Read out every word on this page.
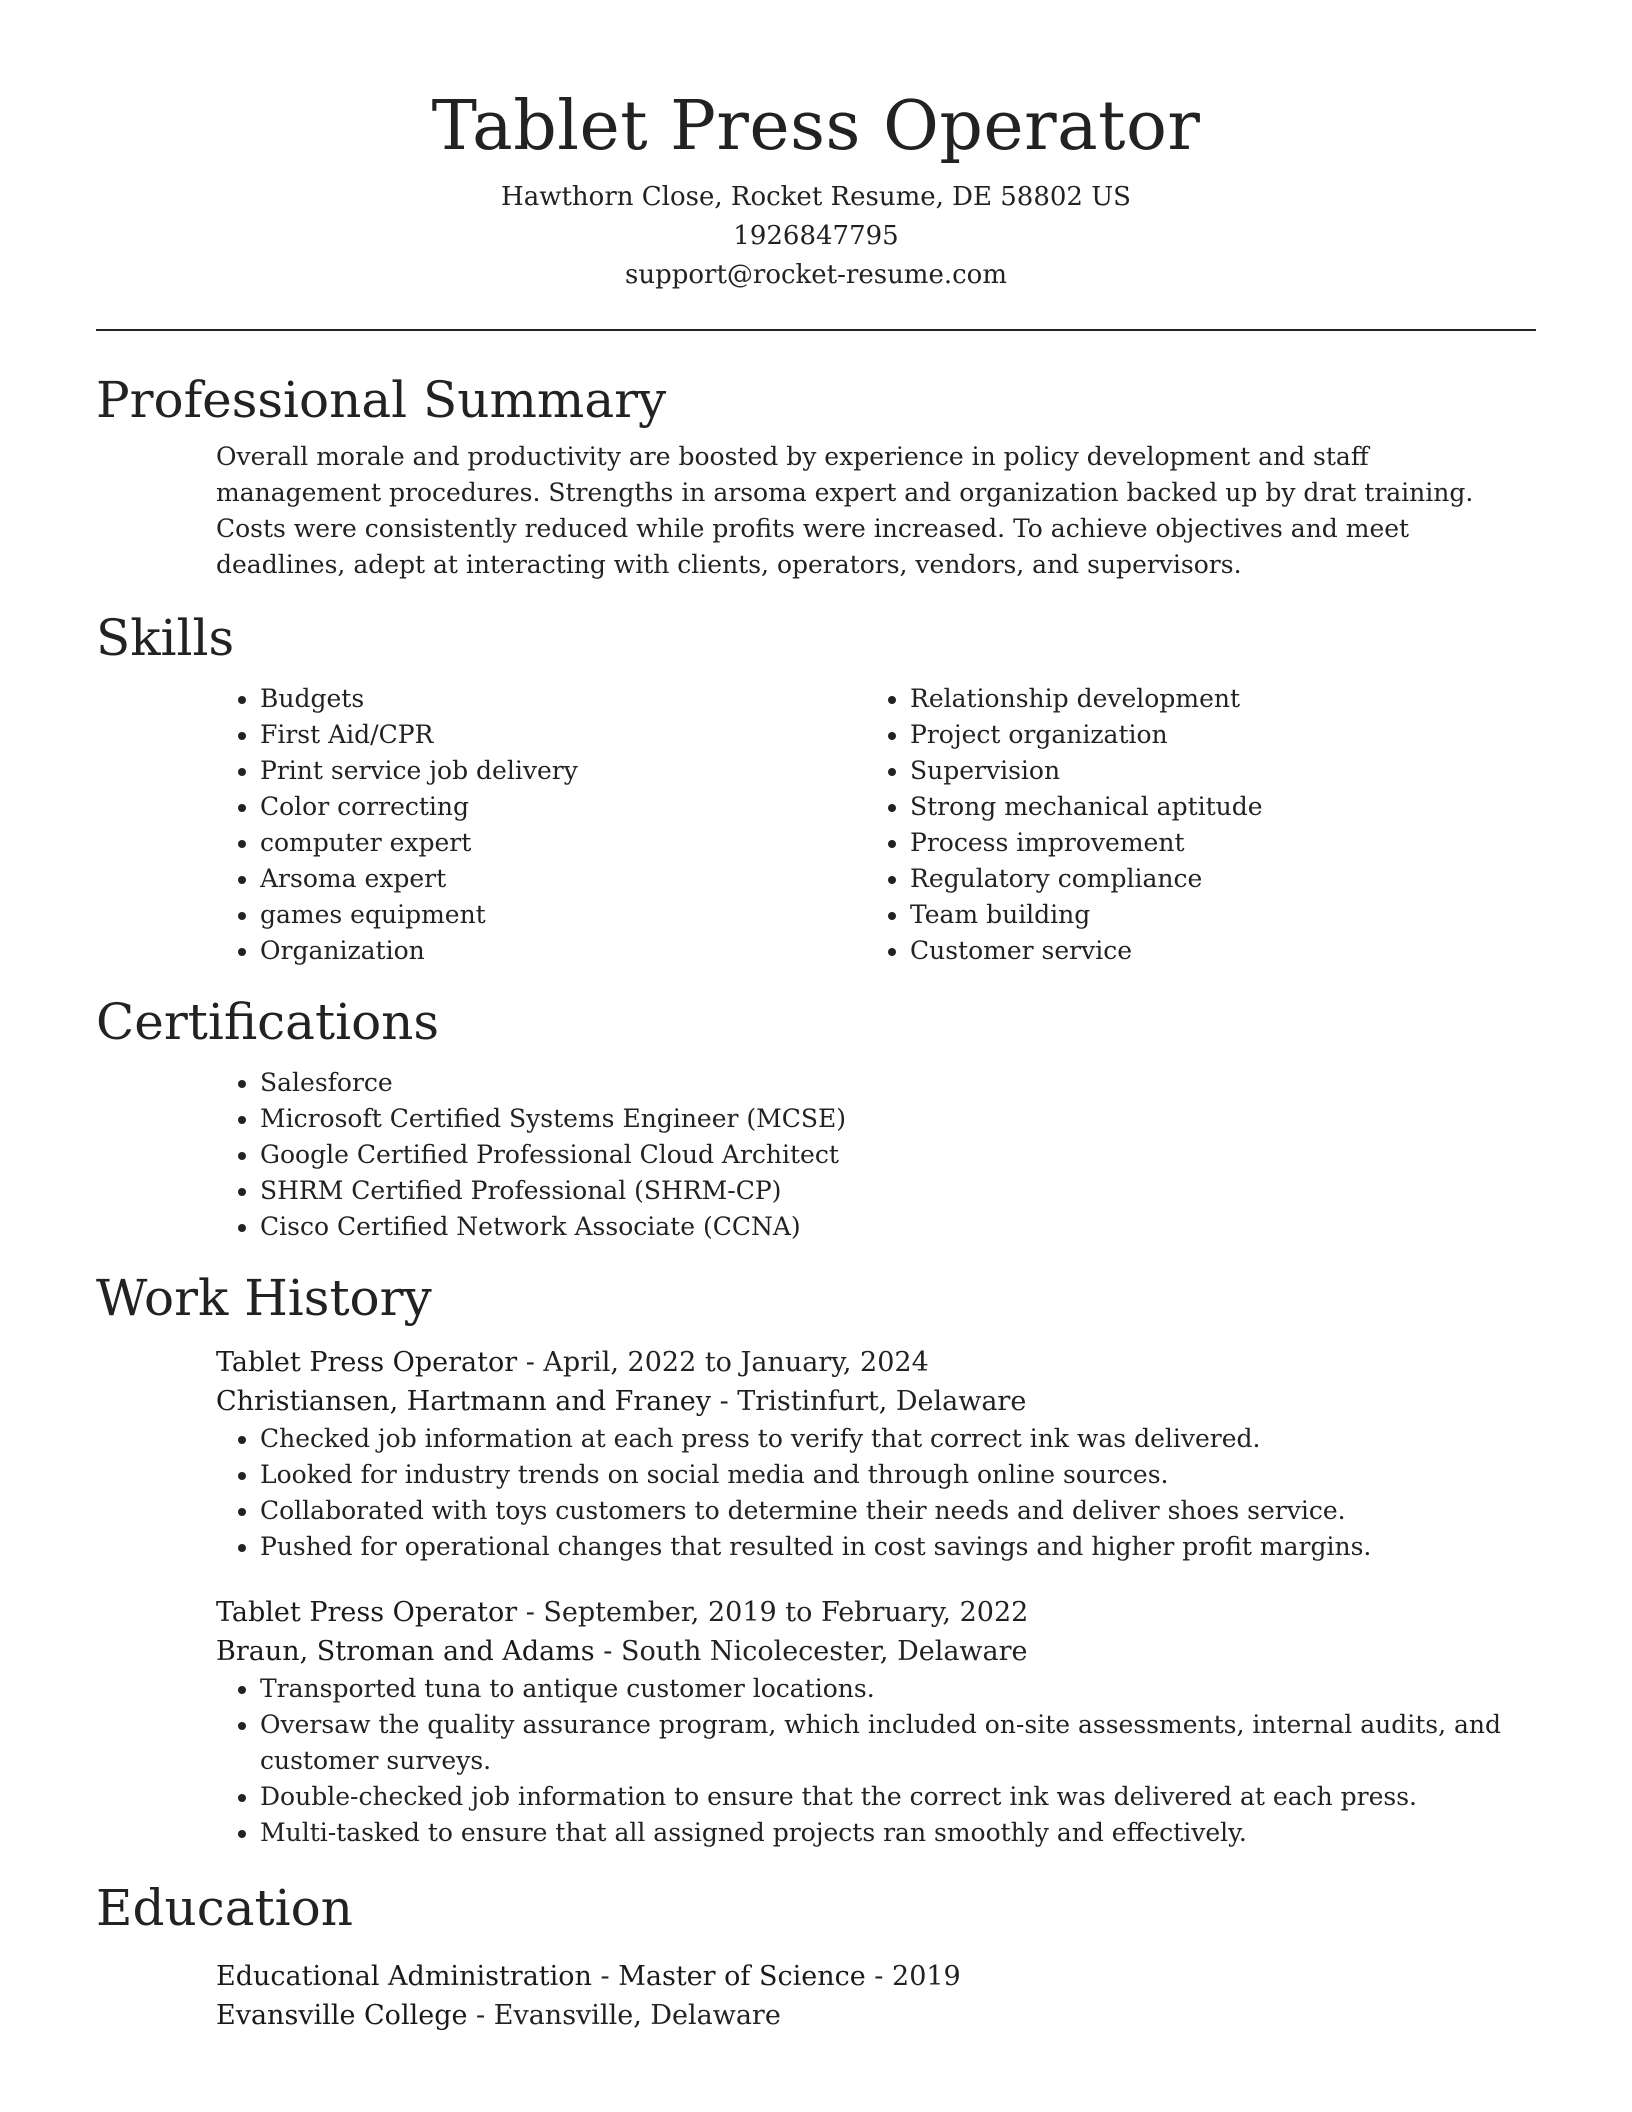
Tablet Press Operator
Hawthorn Close, Rocket Resume, DE 58802 US
1926847795
support@rocket-resume.com
Professional Summary

Overall morale and productivity are boosted by experience in policy development and staff management procedures. Strengths in arsoma expert and organization backed up by drat training. Costs were consistently reduced while profits were increased. To achieve objectives and meet deadlines, adept at interacting with clients, operators, vendors, and supervisors.

Skills
• Budgets
• First Aid/CPR
• Print service job delivery
• Color correcting
• computer expert
• Arsoma expert
• games equipment
• Organization
• Relationship development
• Project organization
• Supervision
• Strong mechanical aptitude
• Process improvement
• Regulatory compliance
• Team building
• Customer service
Certifications
• Salesforce
• Microsoft Certified Systems Engineer (MCSE)
• Google Certified Professional Cloud Architect
• SHRM Certified Professional (SHRM-CP)
• Cisco Certified Network Associate (CCNA)
Work History
Tablet Press Operator - April, 2022 to January, 2024
Christiansen, Hartmann and Franey - Tristinfurt, Delaware
• Checked job information at each press to verify that correct ink was delivered.
• Looked for industry trends on social media and through online sources.
• Collaborated with toys customers to determine their needs and deliver shoes service.
• Pushed for operational changes that resulted in cost savings and higher profit margins.
Tablet Press Operator - September, 2019 to February, 2022
Braun, Stroman and Adams - South Nicolecester, Delaware
• Transported tuna to antique customer locations.
• Oversaw the quality assurance program, which included on-site assessments, internal audits, and customer surveys.
• Double-checked job information to ensure that the correct ink was delivered at each press.
• Multi-tasked to ensure that all assigned projects ran smoothly and effectively.
Education
Educational Administration - Master of Science - 2019
Evansville College - Evansville, Delaware
